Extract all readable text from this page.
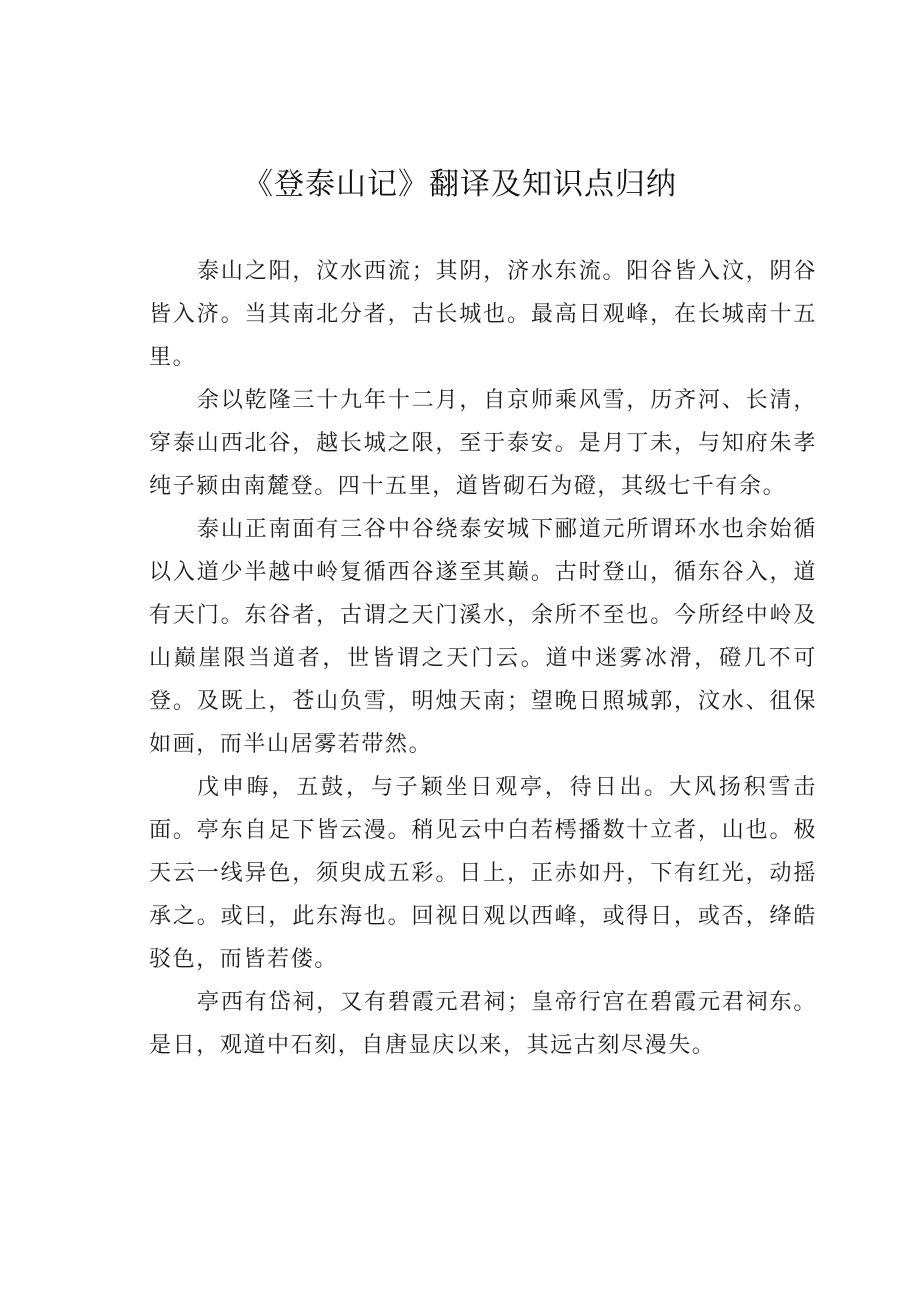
《登泰山记》翻译及知识点归纳

泰山之阳，汶水西流；其阴，济水东流。阳谷皆入汶，阴谷皆入济。当其南北分者，古长城也。最高日观峰，在长城南十五里。

余以乾隆三十九年十二月，自京师乘风雪，历齐河、长清，穿泰山西北谷，越长城之限，至于泰安。是月丁未，与知府朱孝纯子颍由南麓登。四十五里，道皆砌石为磴，其级七千有余。

泰山正南面有三谷中谷绕泰安城下郦道元所谓环水也余始循以入道少半越中岭复循西谷遂至其巅。古时登山，循东谷入，道有天门。东谷者，古谓之天门溪水，余所不至也。今所经中岭及山巅崖限当道者，世皆谓之天门云。道中迷雾冰滑，磴几不可登。及既上，苍山负雪，明烛天南；望晚日照城郭，汶水、徂保如画，而半山居雾若带然。

戊申晦，五鼓，与子颖坐日观亭，待日出。大风扬积雪击面。亭东自足下皆云漫。稍见云中白若樗播数十立者，山也。极天云一线异色，须臾成五彩。日上，正赤如丹，下有红光，动摇承之。或曰，此东海也。回视日观以西峰，或得日，或否，绛皓驳色，而皆若偻。

亭西有岱祠，又有碧霞元君祠；皇帝行宫在碧霞元君祠东。是日，观道中石刻，自唐显庆以来，其远古刻尽漫失。
